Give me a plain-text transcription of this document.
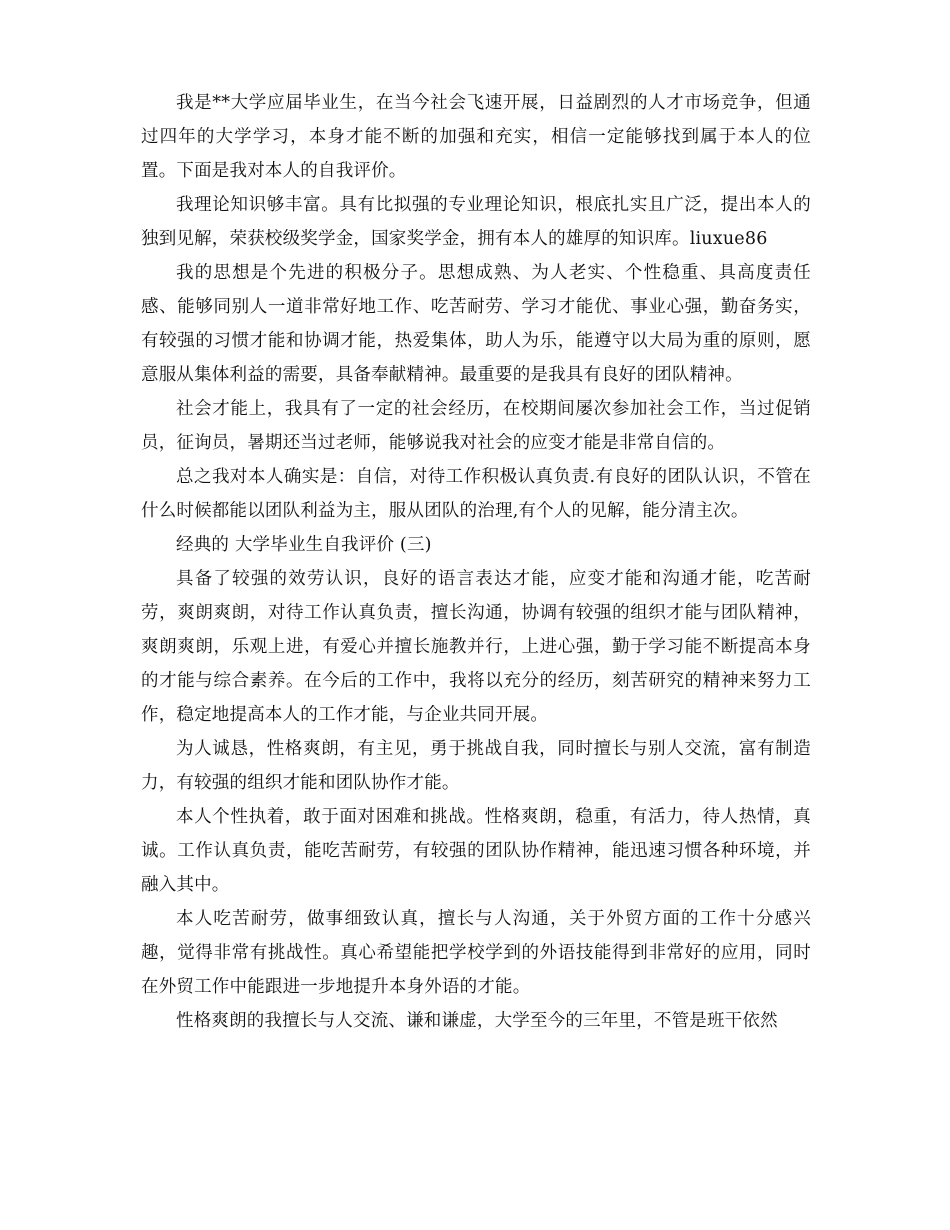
我是**大学应届毕业生，在当今社会飞速开展，日益剧烈的人才市场竞争，但通过四年的大学学习，本身才能不断的加强和充实，相信一定能够找到属于本人的位置。下面是我对本人的自我评价。

我理论知识够丰富。具有比拟强的专业理论知识，根底扎实且广泛，提出本人的独到见解，荣获校级奖学金，国家奖学金，拥有本人的雄厚的知识库。liuxue86

我的思想是个先进的积极分子。思想成熟、为人老实、个性稳重、具高度责任感、能够同别人一道非常好地工作、吃苦耐劳、学习才能优、事业心强，勤奋务实，有较强的习惯才能和协调才能，热爱集体，助人为乐，能遵守以大局为重的原则，愿意服从集体利益的需要，具备奉献精神。最重要的是我具有良好的团队精神。

社会才能上，我具有了一定的社会经历，在校期间屡次参加社会工作，当过促销员，征询员，暑期还当过老师，能够说我对社会的应变才能是非常自信的。

总之我对本人确实是：自信，对待工作积极认真负责.有良好的团队认识，不管在什么时候都能以团队利益为主，服从团队的治理,有个人的见解，能分清主次。

经典的 大学毕业生自我评价 (三)

具备了较强的效劳认识，良好的语言表达才能，应变才能和沟通才能，吃苦耐劳，爽朗爽朗，对待工作认真负责，擅长沟通，协调有较强的组织才能与团队精神，爽朗爽朗，乐观上进，有爱心并擅长施教并行，上进心强，勤于学习能不断提高本身的才能与综合素养。在今后的工作中，我将以充分的经历，刻苦研究的精神来努力工作，稳定地提高本人的工作才能，与企业共同开展。

为人诚恳，性格爽朗，有主见，勇于挑战自我，同时擅长与别人交流，富有制造力，有较强的组织才能和团队协作才能。

本人个性执着，敢于面对困难和挑战。性格爽朗，稳重，有活力，待人热情，真诚。工作认真负责，能吃苦耐劳，有较强的团队协作精神，能迅速习惯各种环境，并融入其中。

本人吃苦耐劳，做事细致认真，擅长与人沟通，关于外贸方面的工作十分感兴趣，觉得非常有挑战性。真心希望能把学校学到的外语技能得到非常好的应用，同时在外贸工作中能跟进一步地提升本身外语的才能。

性格爽朗的我擅长与人交流、谦和谦虚，大学至今的三年里，不管是班干依然
